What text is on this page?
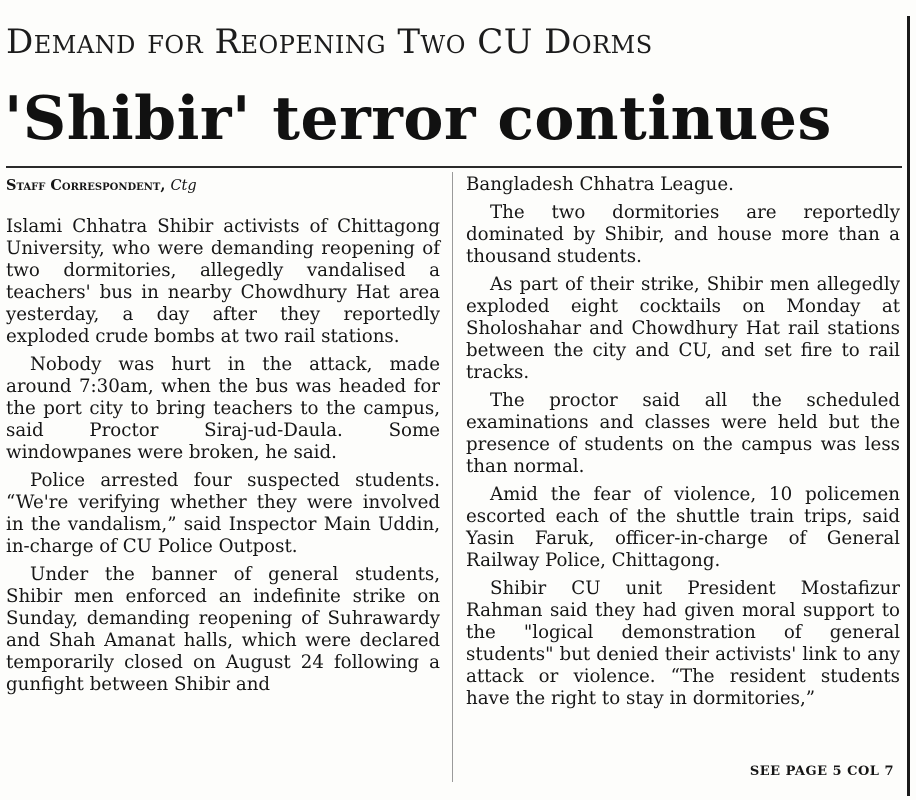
Demand for Reopening Two CU Dorms
'Shibir' terror continues
Staff Correspondent, Ctg

Islami Chhatra Shibir activists of Chittagong University, who were demanding reopening of two dormitories, allegedly vandalised a teachers' bus in nearby Chowdhury Hat area yesterday, a day after they reportedly exploded crude bombs at two rail stations.

Nobody was hurt in the attack, made around 7:30am, when the bus was headed for the port city to bring teachers to the campus, said Proctor Siraj-ud-Daula. Some windowpanes were broken, he said.

Police arrested four suspected students. “We're verifying whether they were involved in the vandalism,” said Inspector Main Uddin, in-charge of CU Police Outpost.

Under the banner of general students, Shibir men enforced an indefinite strike on Sunday, demanding reopening of Suhrawardy and Shah Amanat halls, which were declared temporarily closed on August 24 following a gunfight between Shibir and

Bangladesh Chhatra League.

The two dormitories are reportedly dominated by Shibir, and house more than a thousand students.

As part of their strike, Shibir men allegedly exploded eight cocktails on Monday at Sholoshahar and Chowdhury Hat rail stations between the city and CU, and set fire to rail tracks.

The proctor said all the scheduled examinations and classes were held but the presence of students on the campus was less than normal.

Amid the fear of violence, 10 policemen escorted each of the shuttle train trips, said Yasin Faruk, officer-in-charge of General Railway Police, Chittagong.

Shibir CU unit President Mostafizur Rahman said they had given moral support to the "logical demonstration of general students" but denied their activists' link to any attack or violence. “The resident students have the right to stay in dormitories,”

SEE PAGE 5 COL 7
